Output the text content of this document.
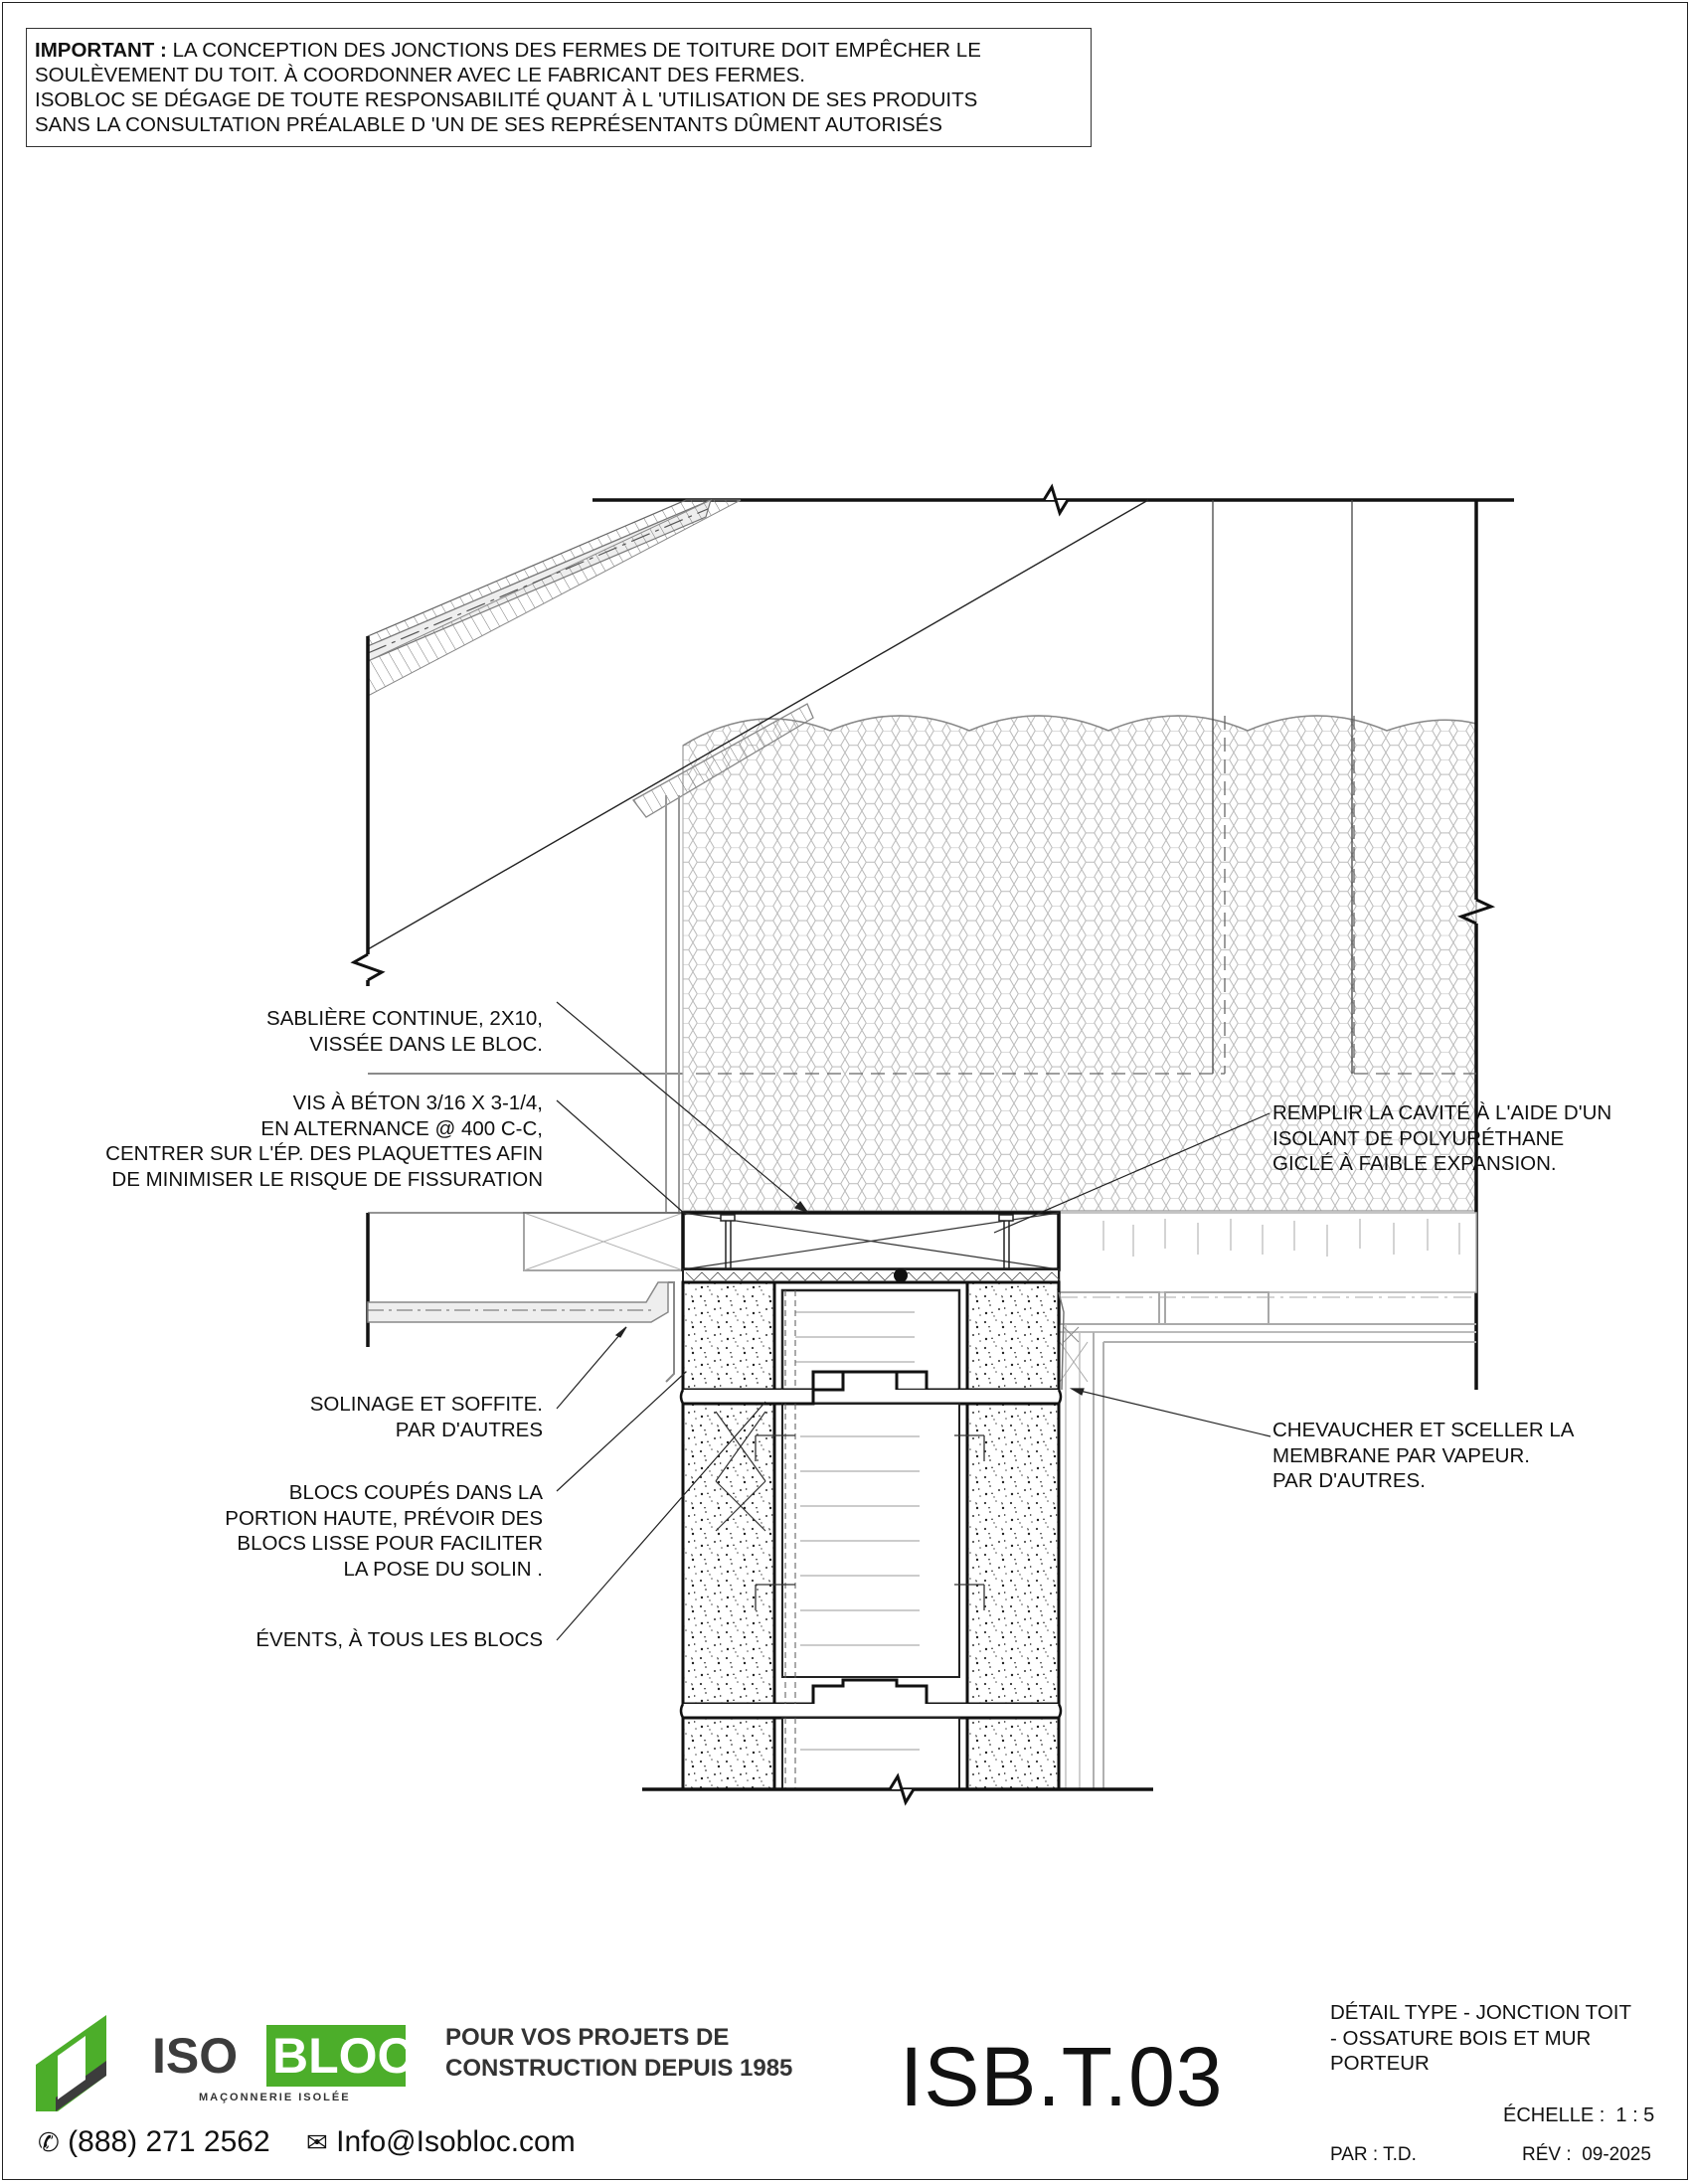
IMPORTANT : LA CONCEPTION DES JONCTIONS DES FERMES DE TOITURE DOIT EMPÊCHER LE
SOULÈVEMENT DU TOIT. À COORDONNER AVEC LE FABRICANT DES FERMES.
ISOBLOC SE DÉGAGE DE TOUTE RESPONSABILITÉ QUANT À L 'UTILISATION DE SES PRODUITS
SANS LA CONSULTATION PRÉALABLE D 'UN DE SES REPRÉSENTANTS DÛMENT AUTORISÉS
SABLIÈRE CONTINUE, 2X10,
VISSÉE DANS LE BLOC.
VIS À BÉTON 3/16 X 3-1/4,
EN ALTERNANCE @ 400 C-C,
CENTRER SUR L'ÉP. DES PLAQUETTES AFIN
DE MINIMISER LE RISQUE DE FISSURATION
REMPLIR LA CAVITÉ À L'AIDE D'UN
ISOLANT DE POLYURÉTHANE
GICLÉ À FAIBLE EXPANSION.
SOLINAGE ET SOFFITE.
PAR D'AUTRES
BLOCS COUPÉS DANS LA
PORTION HAUTE, PRÉVOIR DES
BLOCS LISSE POUR FACILITER
LA POSE DU SOLIN .
ÉVENTS, À TOUS LES BLOCS
CHEVAUCHER ET SCELLER LA
MEMBRANE PAR VAPEUR.
PAR D'AUTRES.
ISO BLOC
MAÇONNERIE ISOLÉE
POUR VOS PROJETS DE
CONSTRUCTION DEPUIS 1985
✆ (888) 271 2562 ✉ Info@Isobloc.com
ISB.T.03
DÉTAIL TYPE - JONCTION TOIT
- OSSATURE BOIS ET MUR
PORTEUR
ÉCHELLE : 1 : 5
PAR : T.D.	RÉV : 09-2025
